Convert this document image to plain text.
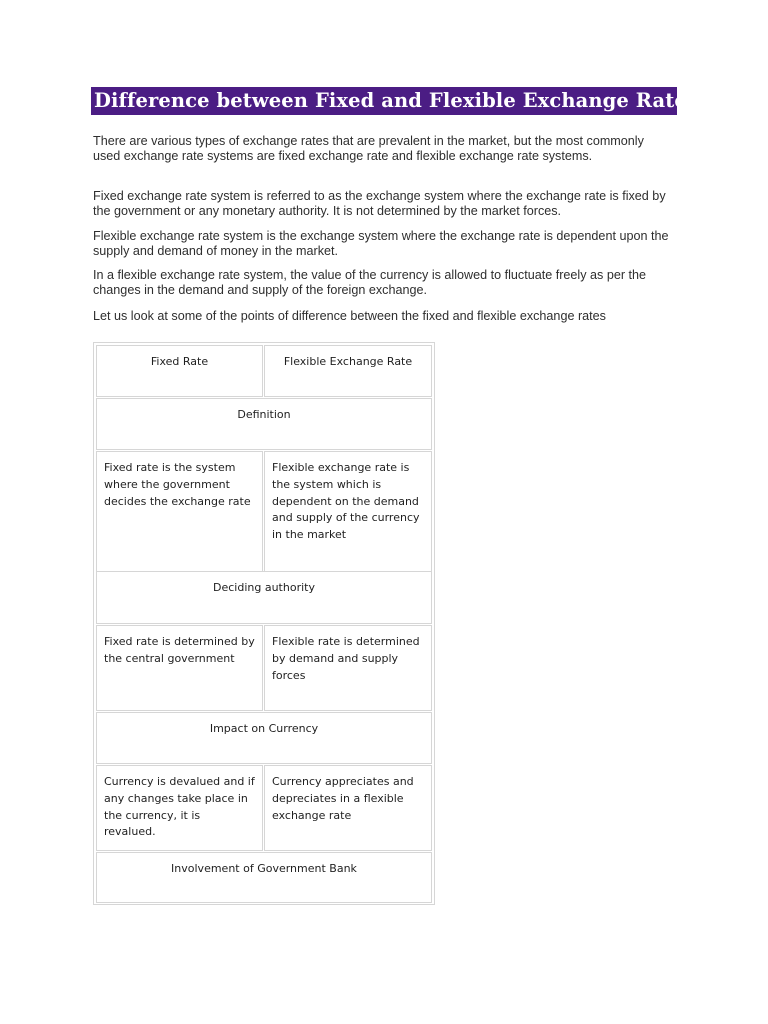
Difference between Fixed and Flexible Exchange Rate

There are various types of exchange rates that are prevalent in the market, but the most commonly used exchange rate systems are fixed exchange rate and flexible exchange rate systems.

Fixed exchange rate system is referred to as the exchange system where the exchange rate is fixed by the government or any monetary authority. It is not determined by the market forces.

Flexible exchange rate system is the exchange system where the exchange rate is dependent upon the supply and demand of money in the market.

In a flexible exchange rate system, the value of the currency is allowed to fluctuate freely as per the changes in the demand and supply of the foreign exchange.

Let us look at some of the points of difference between the fixed and flexible exchange rates

Fixed Rate	Flexible Exchange Rate
Definition
Fixed rate is the system where the government decides the exchange rate
Flexible exchange rate is the system which is dependent on the demand and supply of the currency in the market
Deciding authority
Fixed rate is determined by the central government
Flexible rate is determined by demand and supply forces
Impact on Currency
Currency is devalued and if any changes take place in the currency, it is revalued.
Currency appreciates and depreciates in a flexible exchange rate
Involvement of Government Bank
